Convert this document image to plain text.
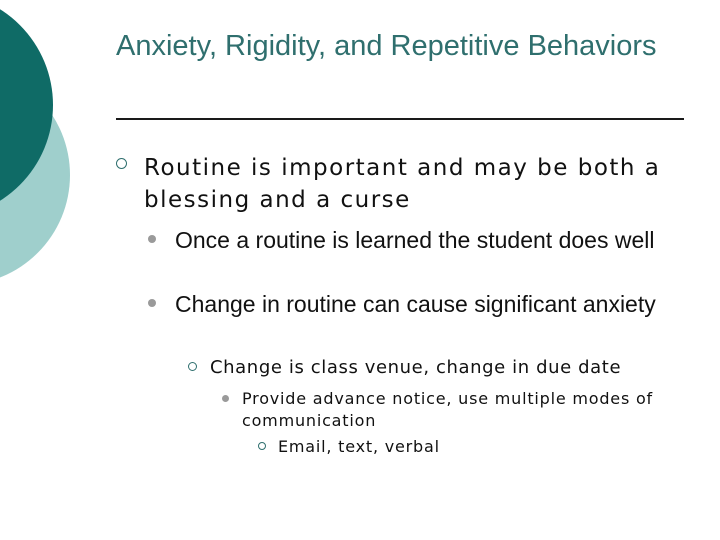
Anxiety, Rigidity, and Repetitive Behaviors
Routine is important and may be both a blessing and a curse
Once a routine is learned the student does well
Change in routine can cause significant anxiety
Change is class venue, change in due date
Provide advance notice, use multiple modes of communication
Email, text, verbal
